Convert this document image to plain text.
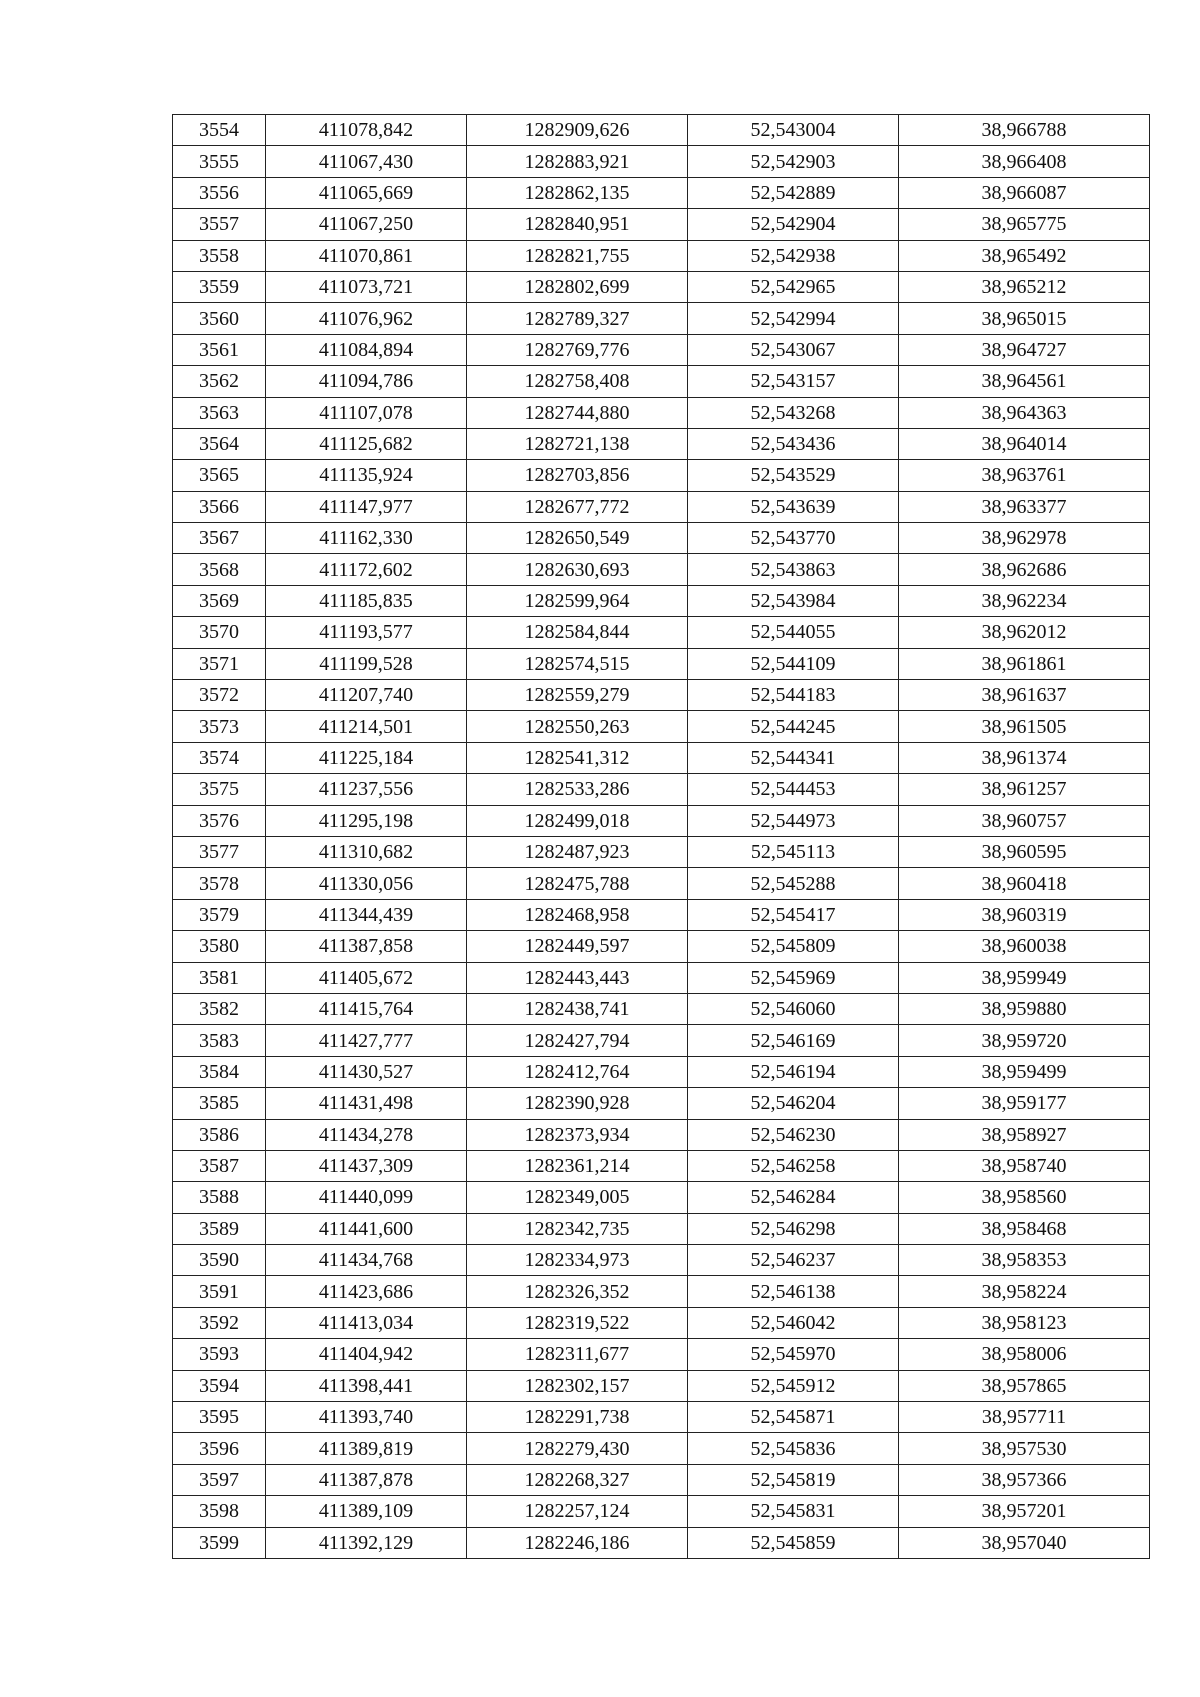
3554	411078,842	1282909,626	52,543004	38,966788
3555	411067,430	1282883,921	52,542903	38,966408
3556	411065,669	1282862,135	52,542889	38,966087
3557	411067,250	1282840,951	52,542904	38,965775
3558	411070,861	1282821,755	52,542938	38,965492
3559	411073,721	1282802,699	52,542965	38,965212
3560	411076,962	1282789,327	52,542994	38,965015
3561	411084,894	1282769,776	52,543067	38,964727
3562	411094,786	1282758,408	52,543157	38,964561
3563	411107,078	1282744,880	52,543268	38,964363
3564	411125,682	1282721,138	52,543436	38,964014
3565	411135,924	1282703,856	52,543529	38,963761
3566	411147,977	1282677,772	52,543639	38,963377
3567	411162,330	1282650,549	52,543770	38,962978
3568	411172,602	1282630,693	52,543863	38,962686
3569	411185,835	1282599,964	52,543984	38,962234
3570	411193,577	1282584,844	52,544055	38,962012
3571	411199,528	1282574,515	52,544109	38,961861
3572	411207,740	1282559,279	52,544183	38,961637
3573	411214,501	1282550,263	52,544245	38,961505
3574	411225,184	1282541,312	52,544341	38,961374
3575	411237,556	1282533,286	52,544453	38,961257
3576	411295,198	1282499,018	52,544973	38,960757
3577	411310,682	1282487,923	52,545113	38,960595
3578	411330,056	1282475,788	52,545288	38,960418
3579	411344,439	1282468,958	52,545417	38,960319
3580	411387,858	1282449,597	52,545809	38,960038
3581	411405,672	1282443,443	52,545969	38,959949
3582	411415,764	1282438,741	52,546060	38,959880
3583	411427,777	1282427,794	52,546169	38,959720
3584	411430,527	1282412,764	52,546194	38,959499
3585	411431,498	1282390,928	52,546204	38,959177
3586	411434,278	1282373,934	52,546230	38,958927
3587	411437,309	1282361,214	52,546258	38,958740
3588	411440,099	1282349,005	52,546284	38,958560
3589	411441,600	1282342,735	52,546298	38,958468
3590	411434,768	1282334,973	52,546237	38,958353
3591	411423,686	1282326,352	52,546138	38,958224
3592	411413,034	1282319,522	52,546042	38,958123
3593	411404,942	1282311,677	52,545970	38,958006
3594	411398,441	1282302,157	52,545912	38,957865
3595	411393,740	1282291,738	52,545871	38,957711
3596	411389,819	1282279,430	52,545836	38,957530
3597	411387,878	1282268,327	52,545819	38,957366
3598	411389,109	1282257,124	52,545831	38,957201
3599	411392,129	1282246,186	52,545859	38,957040
